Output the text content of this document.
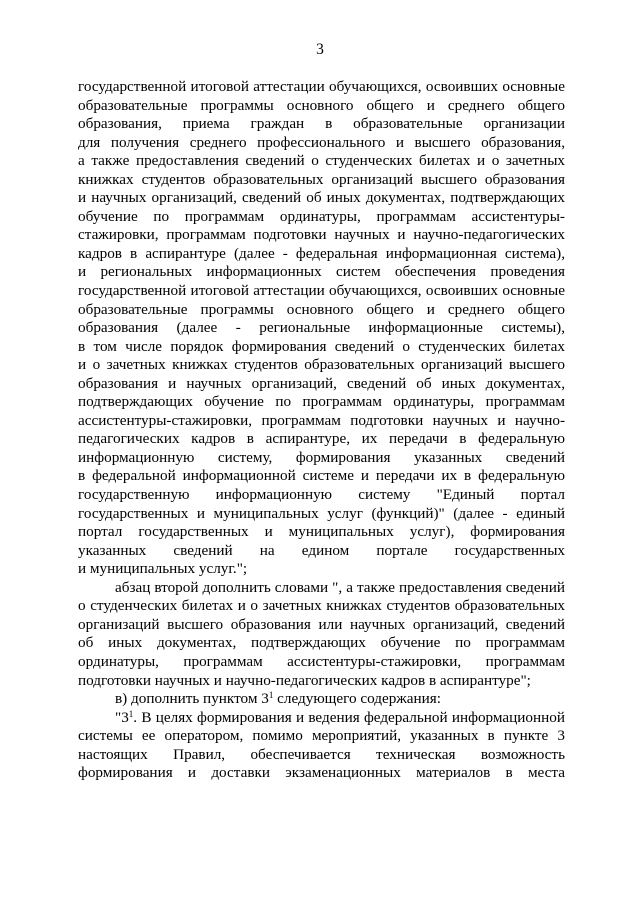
3
государственной итоговой аттестации обучающихся, освоивших основные
образовательные программы основного общего и среднего общего
образования, приема граждан в образовательные организации
для получения среднего профессионального и высшего образования,
а также предоставления сведений о студенческих билетах и о зачетных
книжках студентов образовательных организаций высшего образования
и научных организаций, сведений об иных документах, подтверждающих
обучение по программам ординатуры, программам ассистентуры-
стажировки, программам подготовки научных и научно-педагогических
кадров в аспирантуре (далее - федеральная информационная система),
и региональных информационных систем обеспечения проведения
государственной итоговой аттестации обучающихся, освоивших основные
образовательные программы основного общего и среднего общего
образования (далее - региональные информационные системы),
в том числе порядок формирования сведений о студенческих билетах
и о зачетных книжках студентов образовательных организаций высшего
образования и научных организаций, сведений об иных документах,
подтверждающих обучение по программам ординатуры, программам
ассистентуры-стажировки, программам подготовки научных и научно-
педагогических кадров в аспирантуре, их передачи в федеральную
информационную систему, формирования указанных сведений
в федеральной информационной системе и передачи их в федеральную
государственную информационную систему "Единый портал
государственных и муниципальных услуг (функций)" (далее - единый
портал государственных и муниципальных услуг), формирования
указанных сведений на едином портале государственных
и муниципальных услуг.";
абзац второй дополнить словами ", а также предоставления сведений
о студенческих билетах и о зачетных книжках студентов образовательных
организаций высшего образования или научных организаций, сведений
об иных документах, подтверждающих обучение по программам
ординатуры, программам ассистентуры-стажировки, программам
подготовки научных и научно-педагогических кадров в аспирантуре";
в) дополнить пунктом $3^1$ следующего содержания:
"$3^1$. В целях формирования и ведения федеральной информационной
системы ее оператором, помимо мероприятий, указанных в пункте 3
настоящих Правил, обеспечивается техническая возможность
формирования и доставки экзаменационных материалов в места
